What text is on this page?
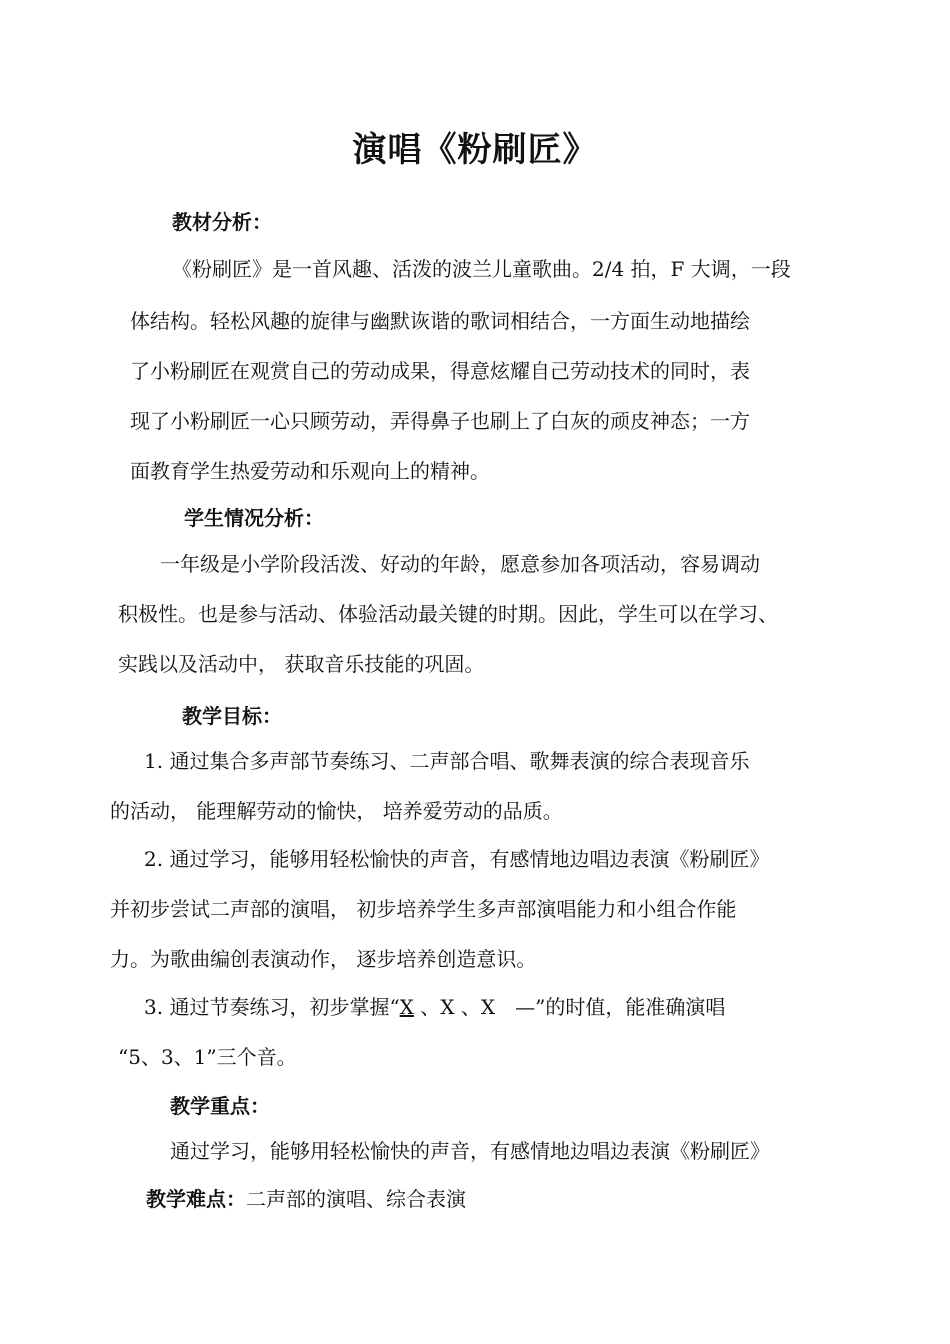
演唱《粉刷匠》

教材分析：

《粉刷匠》是一首风趣、活泼的波兰儿童歌曲。2/4 拍，F 大调，一段

体结构。轻松风趣的旋律与幽默诙谐的歌词相结合，一方面生动地描绘

了小粉刷匠在观赏自己的劳动成果，得意炫耀自己劳动技术的同时，表

现了小粉刷匠一心只顾劳动，弄得鼻子也刷上了白灰的顽皮神态；一方

面教育学生热爱劳动和乐观向上的精神。

学生情况分析：

一年级是小学阶段活泼、好动的年龄，愿意参加各项活动，容易调动

积极性。也是参与活动、体验活动最关键的时期。因此，学生可以在学习、

实践以及活动中， 获取音乐技能的巩固。

教学目标：

1. 通过集合多声部节奏练习、二声部合唱、歌舞表演的综合表现音乐

的活动， 能理解劳动的愉快， 培养爱劳动的品质。

2. 通过学习，能够用轻松愉快的声音，有感情地边唱边表演《粉刷匠》

并初步尝试二声部的演唱， 初步培养学生多声部演唱能力和小组合作能

力。为歌曲编创表演动作， 逐步培养创造意识。

3. 通过节奏练习，初步掌握“X 、X 、X　—”的时值，能准确演唱

“5、3、1”三个音。

教学重点：

通过学习，能够用轻松愉快的声音，有感情地边唱边表演《粉刷匠》

教学难点：二声部的演唱、综合表演
